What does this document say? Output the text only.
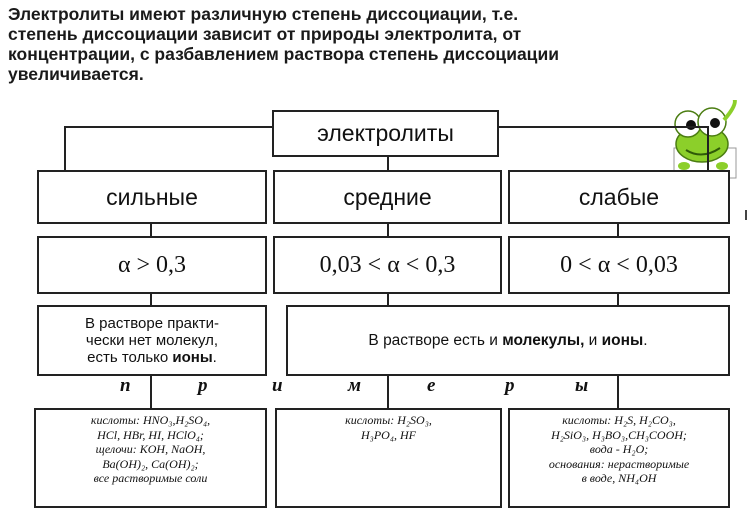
Электролиты имеют различную степень диссоциации, т.е.
степень диссоциации зависит от природы электролита, от
концентрации, с разбавлением раствора степень диссоциации
увеличивается.
электролиты
сильные	средние	слабые
α > 0,3	0,03 < α < 0,3	0 < α < 0,03
В растворе практи-
чески нет молекул,
есть только ионы.
В растворе есть и молекулы, и ионы.
п	р	и	м	е	р	ы
кислоты: HNO₃,H₂SO₄,
HCl, HBr, HI, HClO₄;
щелочи: KOH, NaOH,
Ba(OH)₂, Ca(OH)₂;
все растворимые соли
кислоты: H₂SO₃,
H₃PO₄, HF
кислоты: H₂S, H₂CO₃,
H₂SiO₃, H₃BO₃,CH₃COOH;
вода - H₂O;
основания: нерастворимые
в воде, NH₄OH
